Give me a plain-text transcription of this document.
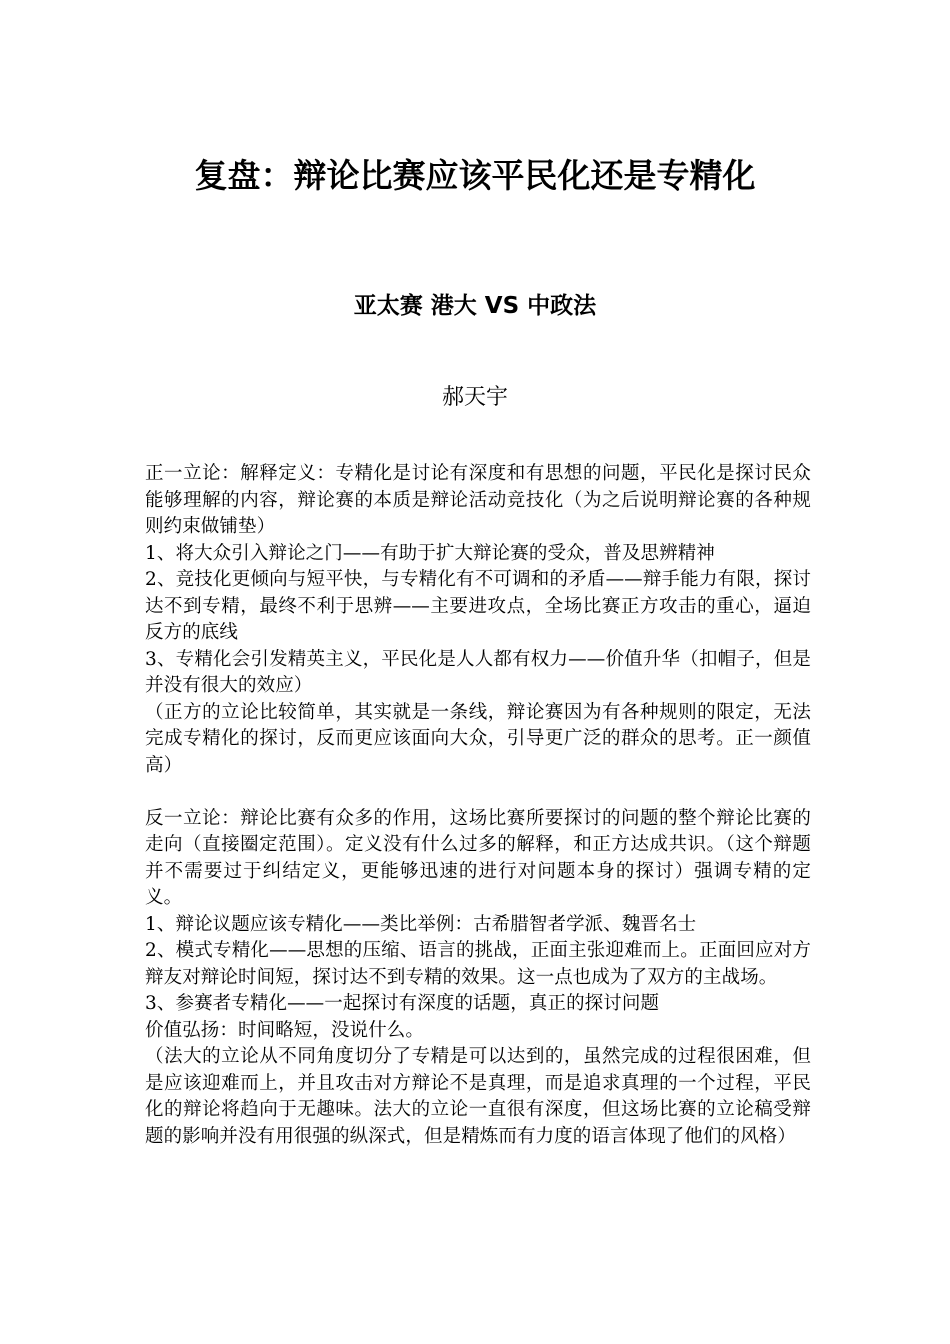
复盘：辩论比赛应该平民化还是专精化
亚太赛 港大 VS 中政法

郝天宇

正一立论：解释定义：专精化是讨论有深度和有思想的问题，平民化是探讨民众能够理解的内容，辩论赛的本质是辩论活动竞技化（为之后说明辩论赛的各种规则约束做铺垫）

1、将大众引入辩论之门——有助于扩大辩论赛的受众，普及思辨精神

2、竞技化更倾向与短平快，与专精化有不可调和的矛盾——辩手能力有限，探讨达不到专精，最终不利于思辨——主要进攻点，全场比赛正方攻击的重心，逼迫反方的底线

3、专精化会引发精英主义，平民化是人人都有权力——价值升华（扣帽子，但是并没有很大的效应）

（正方的立论比较简单，其实就是一条线，辩论赛因为有各种规则的限定，无法完成专精化的探讨，反而更应该面向大众，引导更广泛的群众的思考。正一颜值高）

反一立论：辩论比赛有众多的作用，这场比赛所要探讨的问题的整个辩论比赛的走向（直接圈定范围）。定义没有什么过多的解释，和正方达成共识。（这个辩题并不需要过于纠结定义，更能够迅速的进行对问题本身的探讨）强调专精的定义。

1、辩论议题应该专精化——类比举例：古希腊智者学派、魏晋名士

2、模式专精化——思想的压缩、语言的挑战，正面主张迎难而上。正面回应对方辩友对辩论时间短，探讨达不到专精的效果。这一点也成为了双方的主战场。

3、参赛者专精化——一起探讨有深度的话题，真正的探讨问题

价值弘扬：时间略短，没说什么。

（法大的立论从不同角度切分了专精是可以达到的，虽然完成的过程很困难，但是应该迎难而上，并且攻击对方辩论不是真理，而是追求真理的一个过程，平民化的辩论将趋向于无趣味。法大的立论一直很有深度，但这场比赛的立论稿受辩题的影响并没有用很强的纵深式，但是精炼而有力度的语言体现了他们的风格）
